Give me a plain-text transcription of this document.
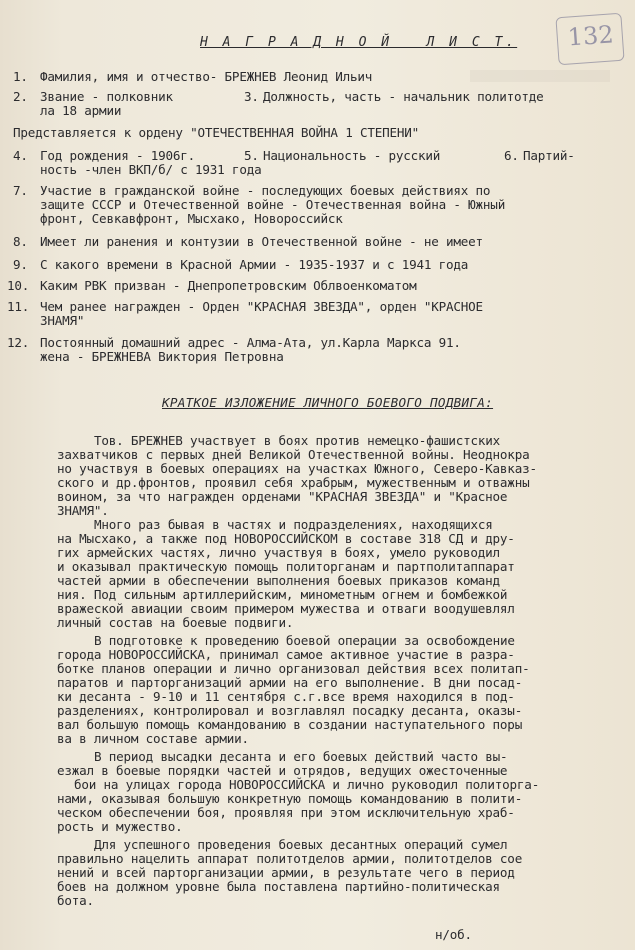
132
Н А Г Р А Д Н О Й   Л И С Т.
1. Фамилия, имя и отчество- БРЕЖНЕВ Леонид Ильич
2. Звание - полковник	3. Должность, часть - начальник политотде
ла 18 армии
Представляется к ордену "ОТЕЧЕСТВЕННАЯ ВОЙНА 1 СТЕПЕНИ"
4. Год рождения - 1906г.	5. Национальность - русский	6. Партий-
ность -член ВКП/б/ с 1931 года
7. Участие в гражданской войне - последующих боевых действиях по
защите СССР и Отечественной войне - Отечественная война - Южный
фронт, Севкавфронт, Мысхако, Новороссийск
8. Имеет ли ранения и контузии в Отечественной войне - не имеет
9. С какого времени в Красной Армии - 1935-1937 и с 1941 года
10. Каким РВК призван - Днепропетровским Облвоенкоматом
11. Чем ранее награжден - Орден "КРАСНАЯ ЗВЕЗДА", орден "КРАСНОЕ
ЗНАМЯ"
12. Постоянный домашний адрес - Алма-Ата, ул.Карла Маркса 91.
жена - БРЕЖНЕВА Виктория Петровна
КРАТКОЕ ИЗЛОЖЕНИЕ ЛИЧНОГО БОЕВОГО ПОДВИГА:
Тов. БРЕЖНЕВ участвует в боях против немецко-фашистских
захватчиков с первых дней Великой Отечественной войны. Неоднокра
но участвуя в боевых операциях на участках Южного, Северо-Кавказ-
ского и др.фронтов, проявил себя храбрым, мужественным и отважны
воином, за что награжден орденами "КРАСНАЯ ЗВЕЗДА" и "Красное
ЗНАМЯ".
Много раз бывая в частях и подразделениях, находящихся
на Мысхако, а также под НОВОРОССИЙСКОМ в составе 318 СД и дру-
гих армейских частях, лично участвуя в боях, умело руководил
и оказывал практическую помощь политорганам и партполитаппарат
частей армии в обеспечении выполнения боевых приказов команд
ния. Под сильным артиллерийским, минометным огнем и бомбежкой
вражеской авиации своим примером мужества и отваги воодушевлял
личный состав на боевые подвиги.
В подготовке к проведению боевой операции за освобождение
города НОВОРОССИЙСКА, принимал самое активное участие в разра-
ботке планов операции и лично организовал действия всех политап-
паратов и парторганизаций армии на его выполнение. В дни посад-
ки десанта - 9-10 и 11 сентября с.г.все время находился в под-
разделениях, контролировал и возглавлял посадку десанта, оказы-
вал большую помощь командованию в создании наступательного поры
ва в личном составе армии.
В период высадки десанта и его боевых действий часто вы-
езжал в боевые порядки частей и отрядов, ведущих ожесточенные
бои на улицах города НОВОРОССИЙСКА и лично руководил политорга-
нами, оказывая большую конкретную помощь командованию в полити-
ческом обеспечении боя, проявляя при этом исключительную храб-
рость и мужество.
Для успешного проведения боевых десантных операций сумел
правильно нацелить аппарат политотделов армии, политотделов сое
нений и всей парторганизации армии, в результате чего в период
боев на должном уровне была поставлена партийно-политическая
бота.
н/об.
